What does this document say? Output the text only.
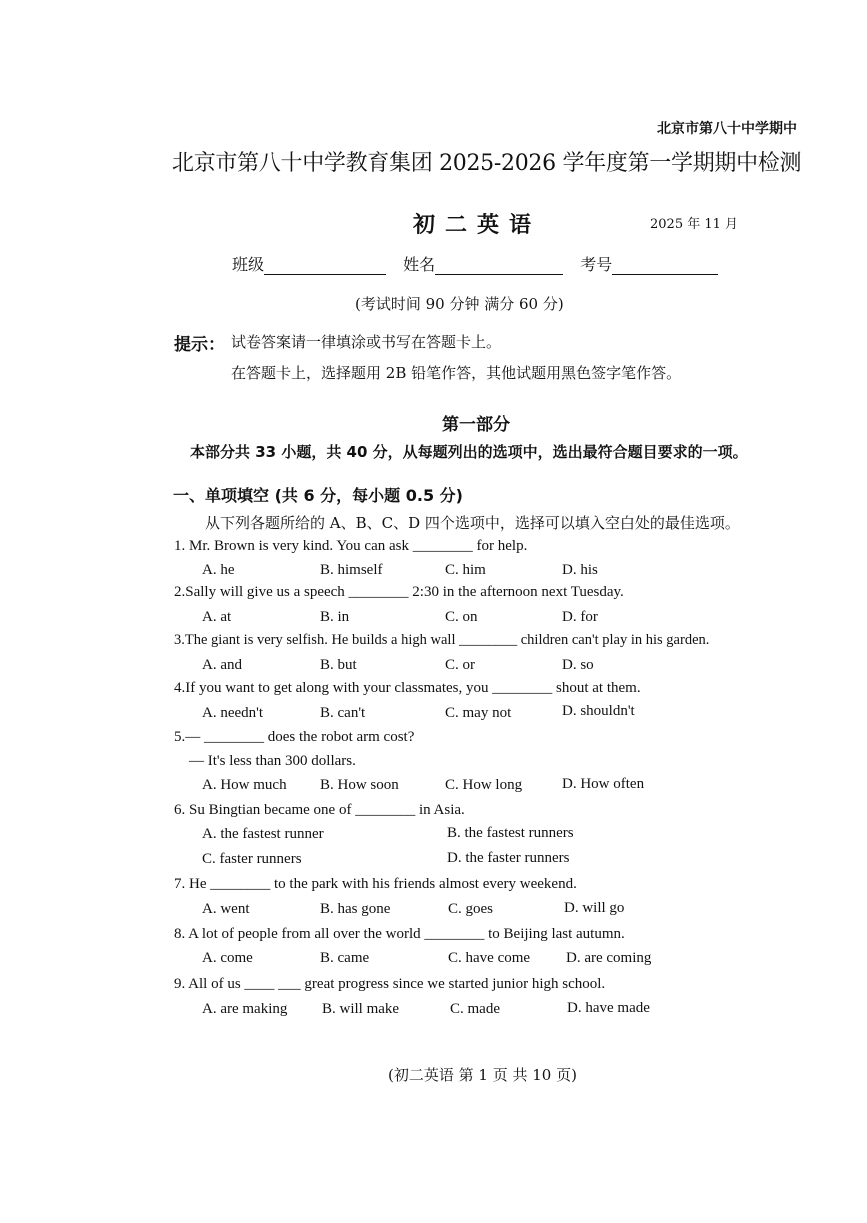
北京市第八十中学期中
北京市第八十中学教育集团 2025-2026 学年度第一学期期中检测
初二英语	2025 年 11 月
班级	姓名	考号
(考试时间 90 分钟 满分 60 分)
提示： 试卷答案请一律填涂或书写在答题卡上。
在答题卡上，选择题用 2B 铅笔作答，其他试题用黑色签字笔作答。
第一部分
本部分共 33 小题，共 40 分，从每题列出的选项中，选出最符合题目要求的一项。
一、单项填空 (共 6 分，每小题 0.5 分)
从下列各题所给的 A、B、C、D 四个选项中，选择可以填入空白处的最佳选项。
1. Mr. Brown is very kind. You can ask ________ for help.
A. he	B. himself	C. him	D. his
2.Sally will give us a speech ________ 2:30 in the afternoon next Tuesday.
A. at	B. in	C. on	D. for
3.The giant is very selfish. He builds a high wall ________ children can't play in his garden.
A. and	B. but	C. or	D. so
4.If you want to get along with your classmates, you ________ shout at them.
A. needn't	B. can't	C. may not	D. shouldn't
5.— ________ does the robot arm cost?
— It's less than 300 dollars.
A. How much B. How soon	C. How long	D. How often
6. Su Bingtian became one of ________ in Asia.
A. the fastest runner	B. the fastest runners
C. faster runners	D. the faster runners
7. He ________ to the park with his friends almost every weekend.
A. went	B. has gone	C. goes	D. will go
8. A lot of people from all over the world ________ to Beijing last autumn.
A. come	B. came	C. have come D. are coming
9. All of us ____ ___ great progress since we started junior high school.
A. are making B. will make	C. made	D. have made
(初二英语 第 1 页 共 10 页)
